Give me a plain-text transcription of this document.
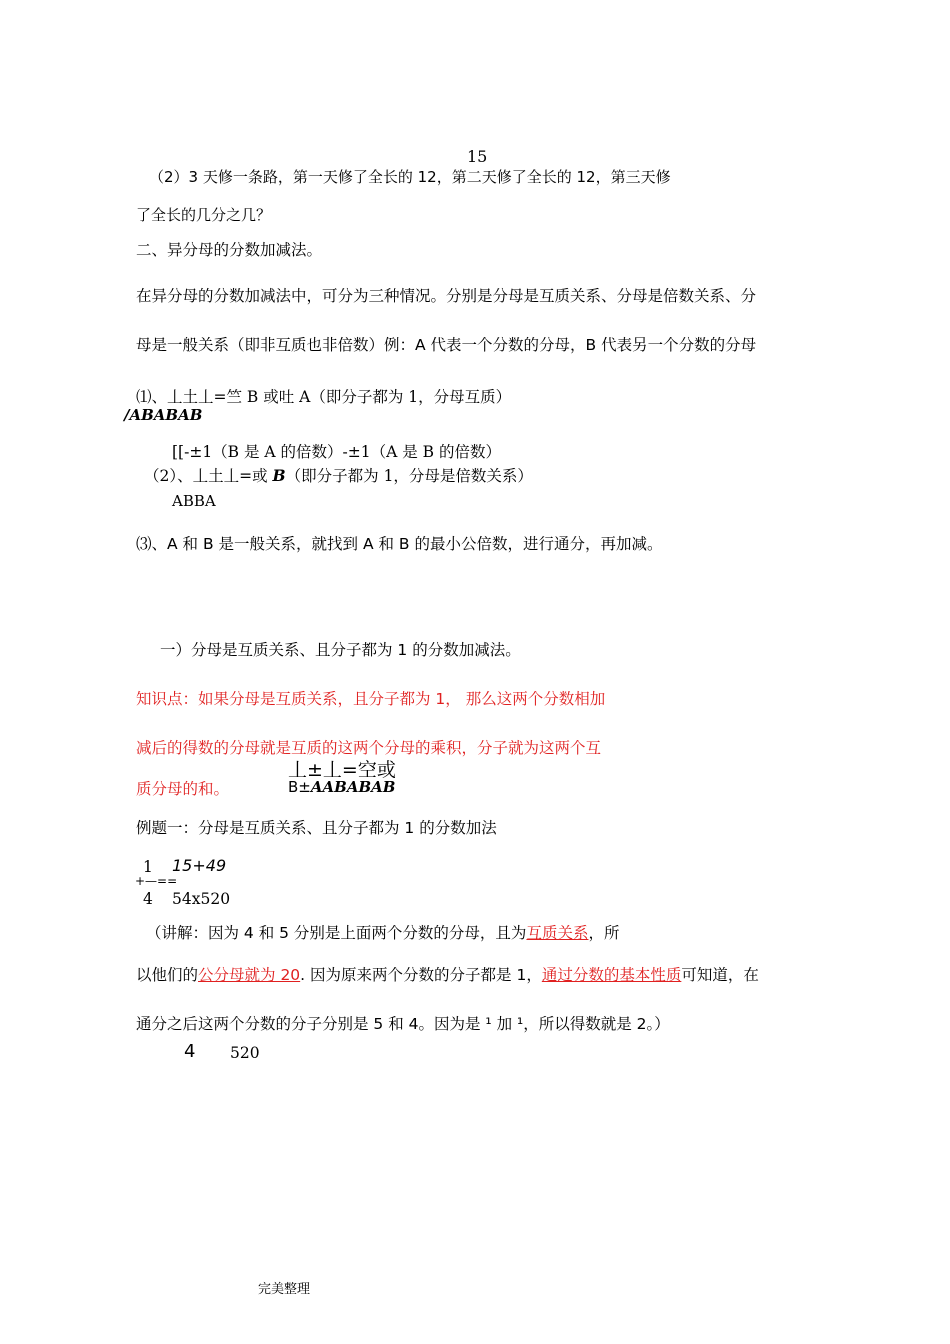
15
（2）3 天修一条路，第一天修了全长的 12，第二天修了全长的 12，第三天修
了全长的几分之几？
二、异分母的分数加减法。
在异分母的分数加减法中，可分为三种情况。分别是分母是互质关系、分母是倍数关系、分
母是一般关系（即非互质也非倍数）例：A 代表一个分数的分母，B 代表另一个分数的分母
⑴、丄土丄=竺 B 或吐 A（即分子都为 1，分母互质）
/ABABAB
[[-±1（B 是 A 的倍数）-±1（A 是 B 的倍数）
（2）、丄土丄=或 B（即分子都为 1，分母是倍数关系）
ABBA
⑶、A 和 B 是一般关系，就找到 A 和 B 的最小公倍数，进行通分，再加减。
一）分母是互质关系、且分子都为 1 的分数加减法。
知识点：如果分母是互质关系，且分子都为 1， 那么这两个分数相加
减后的得数的分母就是互质的这两个分母的乘积，分子就为这两个互
质分母的和。
丄±丄=空或
B±AABABAB
例题一：分母是互质关系、且分子都为 1 的分数加法
1 15+49
+—==
4 54x520
（讲解：因为 4 和 5 分别是上面两个分数的分母，且为互质关系，所
以他们的公分母就为 20. 因为原来两个分数的分子都是 1，通过分数的基本性质可知道，在
通分之后这两个分数的分子分别是 5 和 4。因为是 ¹ 加 ¹，所以得数就是 2。）
4 520
完美整理
